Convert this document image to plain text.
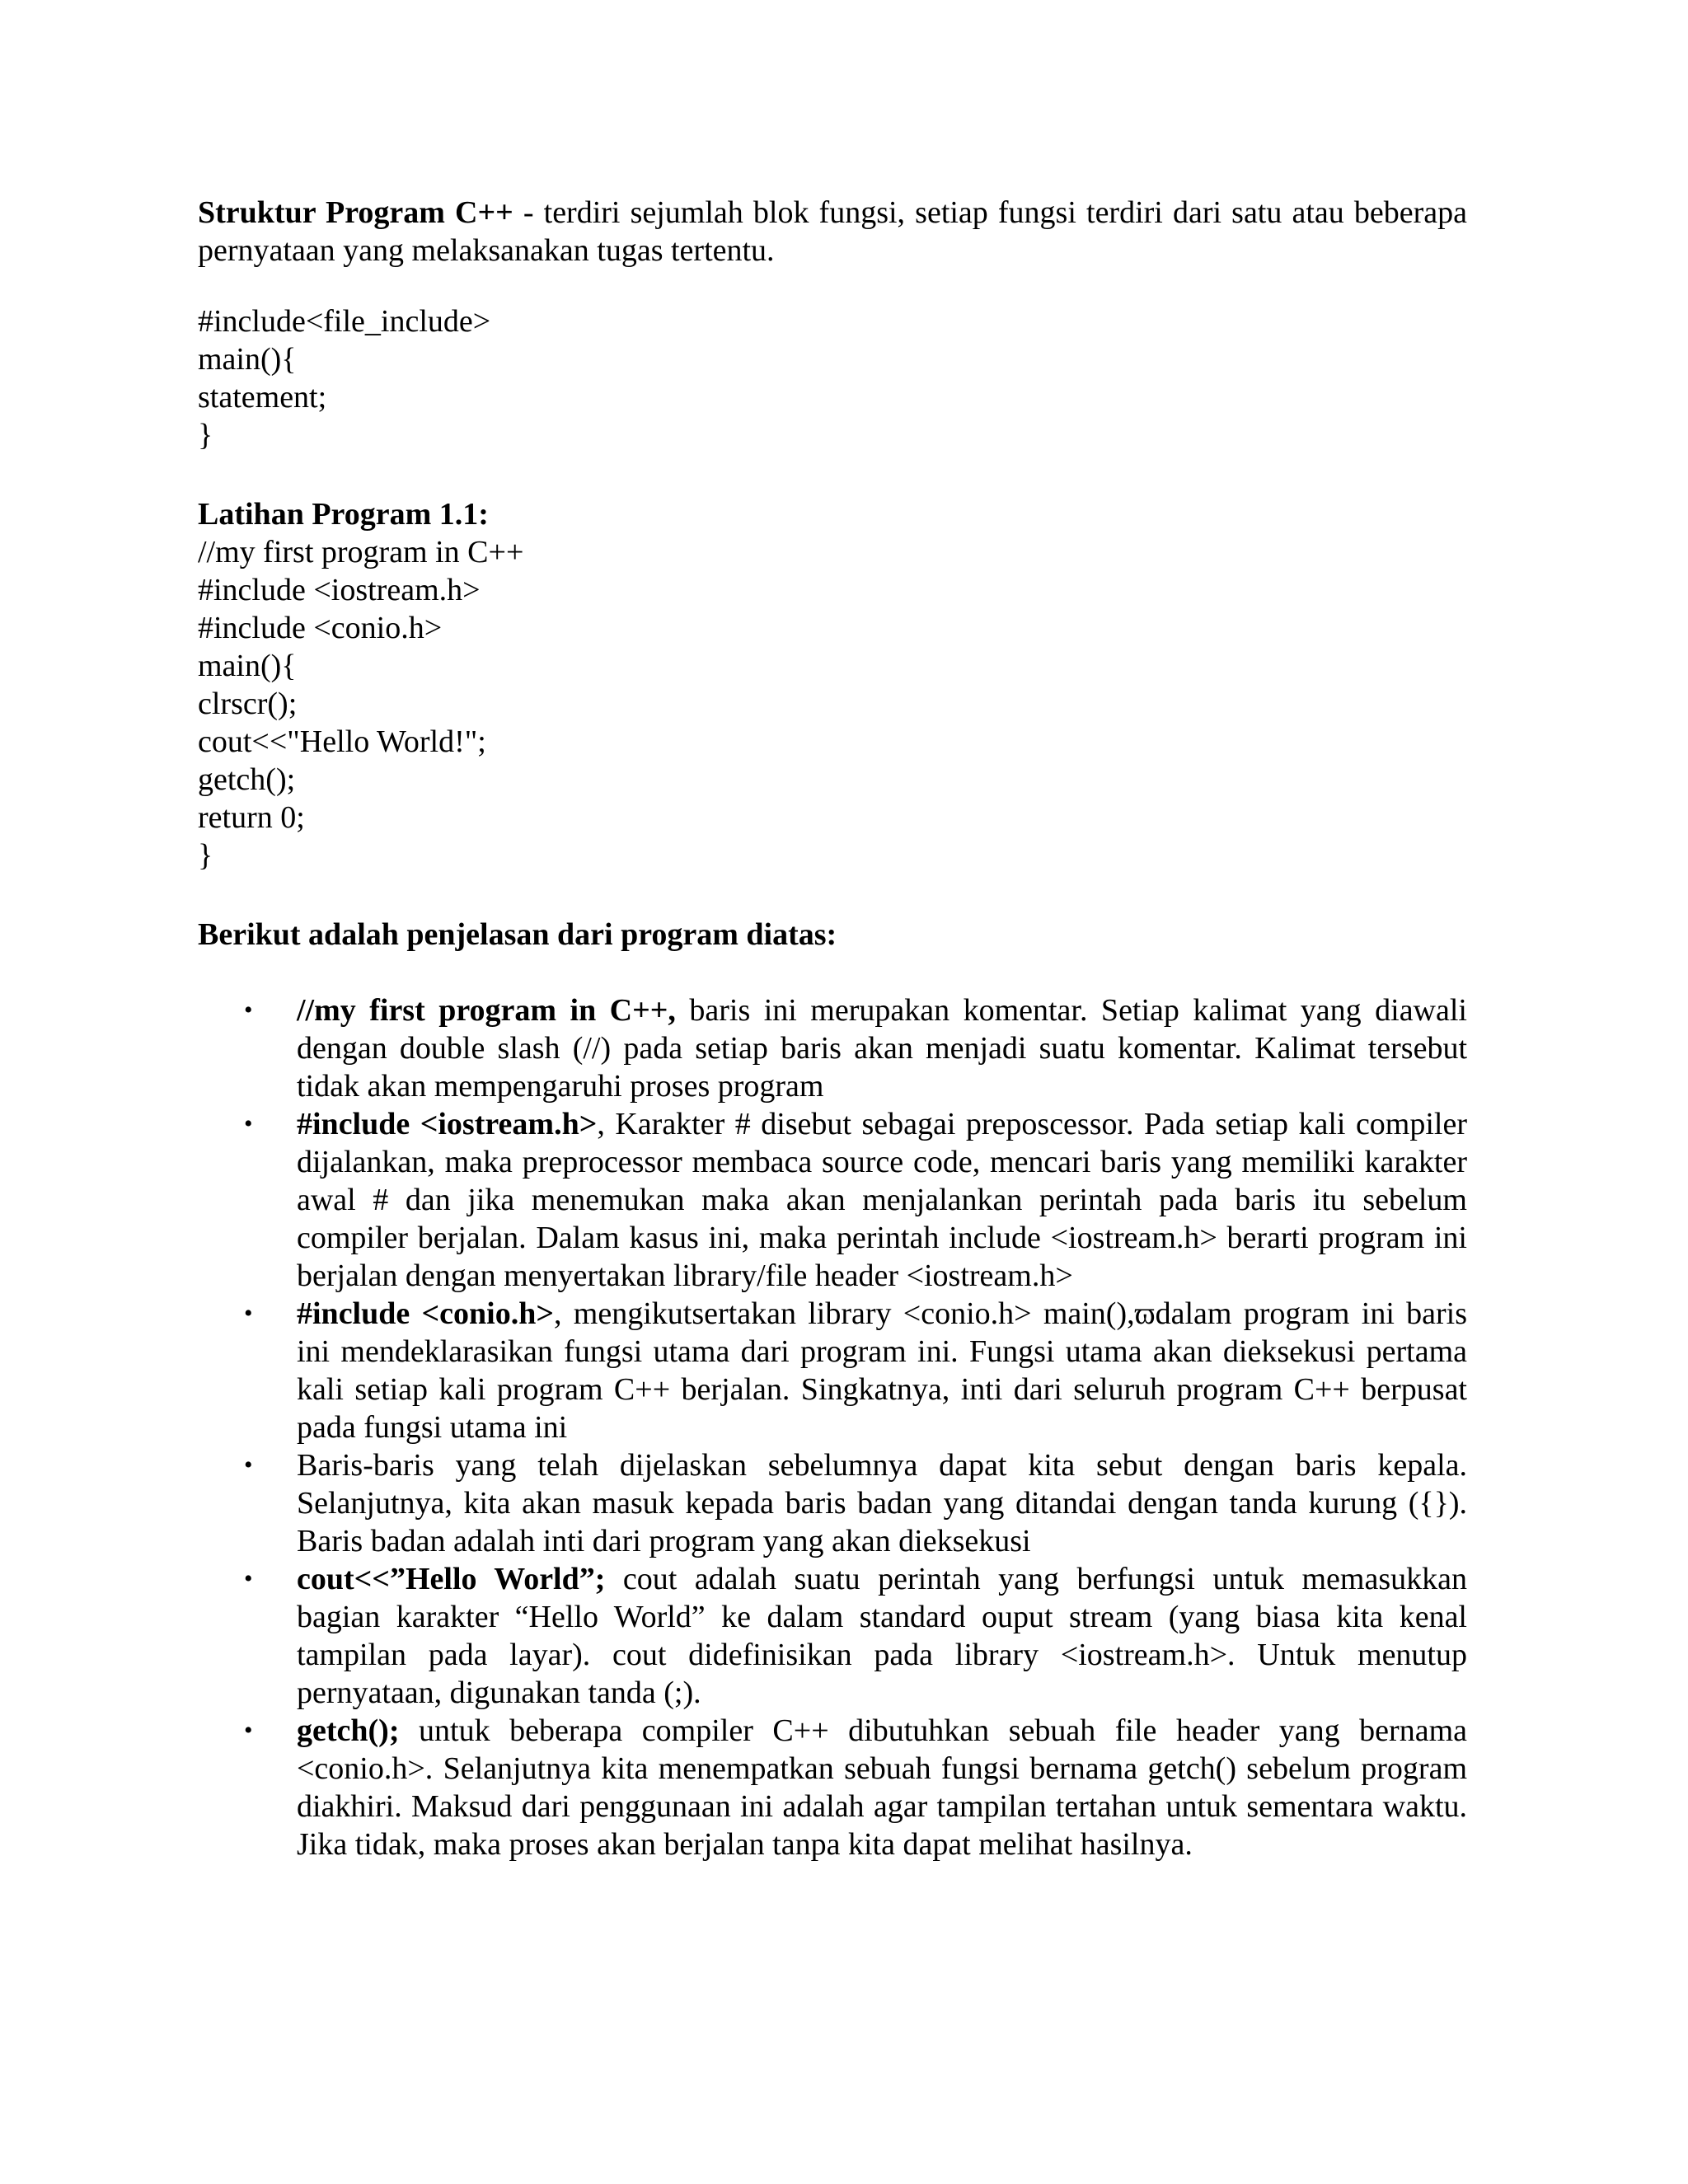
Struktur Program C++ - terdiri sejumlah blok fungsi, setiap fungsi terdiri dari satu atau beberapa pernyataan yang melaksanakan tugas tertentu.

#include<file_include>
main(){
statement;
}

Latihan Program 1.1:

//my first program in C++
#include <iostream.h>
#include <conio.h>
main(){
clrscr();
cout<<"Hello World!";
getch();
return 0;
}

Berikut adalah penjelasan dari program diatas:

• //my first program in C++, baris ini merupakan komentar. Setiap kalimat yang diawali dengan double slash (//) pada setiap baris akan menjadi suatu komentar. Kalimat tersebut tidak akan mempengaruhi proses program
• #include <iostream.h>, Karakter # disebut sebagai preposcessor. Pada setiap kali compiler dijalankan, maka preprocessor membaca source code, mencari baris yang memiliki karakter awal # dan jika menemukan maka akan menjalankan perintah pada baris itu sebelum compiler berjalan. Dalam kasus ini, maka perintah include <iostream.h> berarti program ini berjalan dengan menyertakan library/file header <iostream.h>
• #include <conio.h>, mengikutsertakan library <conio.h> main(),ϖdalam program ini baris ini mendeklarasikan fungsi utama dari program ini. Fungsi utama akan dieksekusi pertama kali setiap kali program C++ berjalan. Singkatnya, inti dari seluruh program C++ berpusat pada fungsi utama ini
• Baris-baris yang telah dijelaskan sebelumnya dapat kita sebut dengan baris kepala. Selanjutnya, kita akan masuk kepada baris badan yang ditandai dengan tanda kurung ({}). Baris badan adalah inti dari program yang akan dieksekusi
• cout<<”Hello World”; cout adalah suatu perintah yang berfungsi untuk memasukkan bagian karakter “Hello World” ke dalam standard ouput stream (yang biasa kita kenal tampilan pada layar). cout didefinisikan pada library <iostream.h>. Untuk menutup pernyataan, digunakan tanda (;).
• getch(); untuk beberapa compiler C++ dibutuhkan sebuah file header yang bernama <conio.h>. Selanjutnya kita menempatkan sebuah fungsi bernama getch() sebelum program diakhiri. Maksud dari penggunaan ini adalah agar tampilan tertahan untuk sementara waktu. Jika tidak, maka proses akan berjalan tanpa kita dapat melihat hasilnya.
